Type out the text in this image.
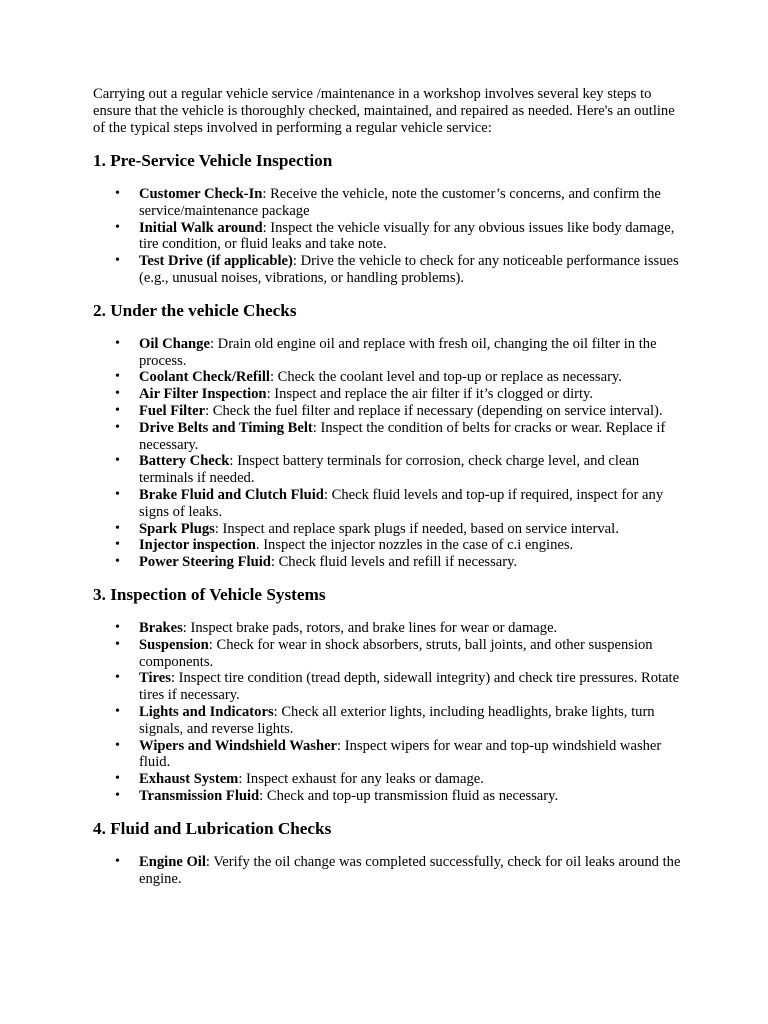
Carrying out a regular vehicle service /maintenance in a workshop involves several key steps to ensure that the vehicle is thoroughly checked, maintained, and repaired as needed. Here's an outline of the typical steps involved in performing a regular vehicle service:

1. Pre-Service Vehicle Inspection
• Customer Check-In: Receive the vehicle, note the customer’s concerns, and confirm the service/maintenance package
• Initial Walk around: Inspect the vehicle visually for any obvious issues like body damage, tire condition, or fluid leaks and take note.
• Test Drive (if applicable): Drive the vehicle to check for any noticeable performance issues (e.g., unusual noises, vibrations, or handling problems).
2. Under the vehicle Checks
• Oil Change: Drain old engine oil and replace with fresh oil, changing the oil filter in the process.
• Coolant Check/Refill: Check the coolant level and top-up or replace as necessary.
• Air Filter Inspection: Inspect and replace the air filter if it’s clogged or dirty.
• Fuel Filter: Check the fuel filter and replace if necessary (depending on service interval).
• Drive Belts and Timing Belt: Inspect the condition of belts for cracks or wear. Replace if necessary.
• Battery Check: Inspect battery terminals for corrosion, check charge level, and clean terminals if needed.
• Brake Fluid and Clutch Fluid: Check fluid levels and top-up if required, inspect for any signs of leaks.
• Spark Plugs: Inspect and replace spark plugs if needed, based on service interval.
• Injector inspection. Inspect the injector nozzles in the case of c.i engines.
• Power Steering Fluid: Check fluid levels and refill if necessary.
3. Inspection of Vehicle Systems
• Brakes: Inspect brake pads, rotors, and brake lines for wear or damage.
• Suspension: Check for wear in shock absorbers, struts, ball joints, and other suspension components.
• Tires: Inspect tire condition (tread depth, sidewall integrity) and check tire pressures. Rotate tires if necessary.
• Lights and Indicators: Check all exterior lights, including headlights, brake lights, turn signals, and reverse lights.
• Wipers and Windshield Washer: Inspect wipers for wear and top-up windshield washer fluid.
• Exhaust System: Inspect exhaust for any leaks or damage.
• Transmission Fluid: Check and top-up transmission fluid as necessary.
4. Fluid and Lubrication Checks
• Engine Oil: Verify the oil change was completed successfully, check for oil leaks around the engine.
